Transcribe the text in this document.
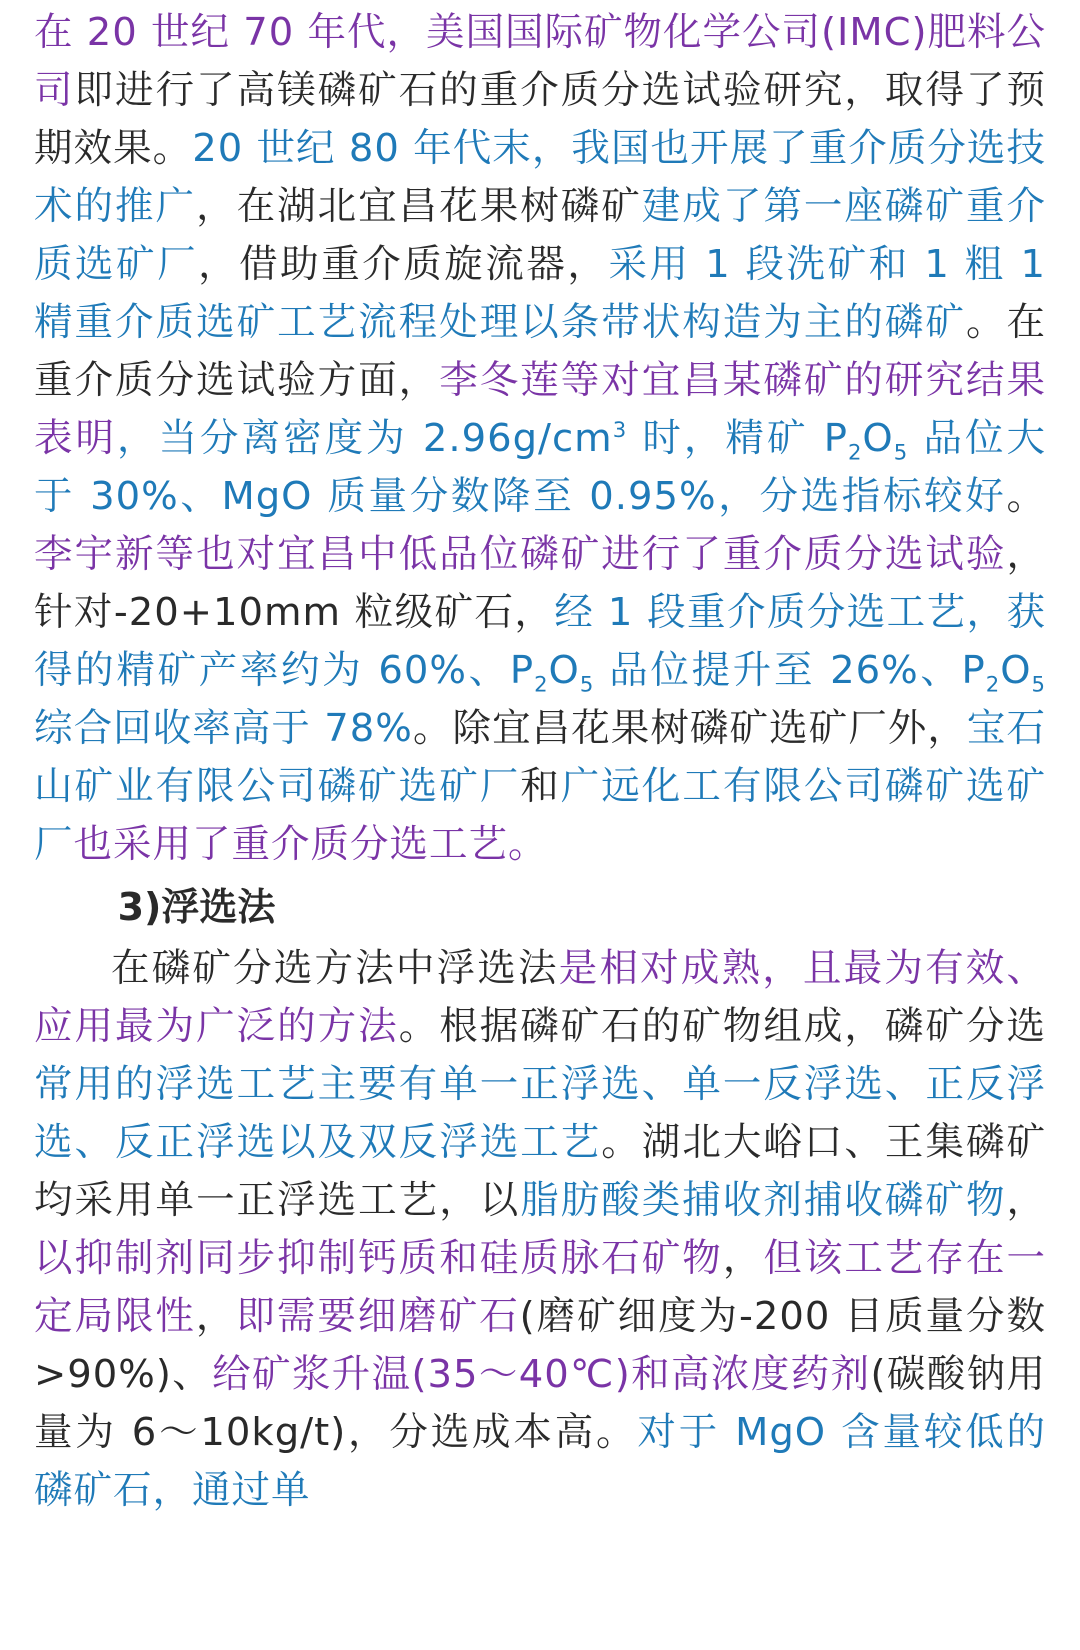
在 20 世纪 70 年代，美国国际矿物化学公司(IMC)肥料公司即进行了高镁磷矿石的重介质分选试验研究，取得了预期效果。20 世纪 80 年代末，我国也开展了重介质分选技术的推广，在湖北宜昌花果树磷矿建成了第一座磷矿重介质选矿厂，借助重介质旋流器，采用 1 段洗矿和 1 粗 1 精重介质选矿工艺流程处理以条带状构造为主的磷矿。在重介质分选试验方面，李冬莲等对宜昌某磷矿的研究结果表明，当分离密度为 $2.96g/cm^3$ 时，精矿 $P_2O_5$ 品位大于 30%、MgO 质量分数降至 0.95%，分选指标较好。李宇新等也对宜昌中低品位磷矿进行了重介质分选试验，针对-20+10mm 粒级矿石，经 1 段重介质分选工艺，获得的精矿产率约为 60%、$P_2O_5$ 品位提升至 26%、$P_2O_5$ 综合回收率高于 78%。除宜昌花果树磷矿选矿厂外，宝石山矿业有限公司磷矿选矿厂和广远化工有限公司磷矿选矿厂也采用了重介质分选工艺。

3)浮选法

在磷矿分选方法中浮选法是相对成熟，且最为有效、应用最为广泛的方法。根据磷矿石的矿物组成，磷矿分选常用的浮选工艺主要有单一正浮选、单一反浮选、正反浮选、反正浮选以及双反浮选工艺。湖北大峪口、王集磷矿均采用单一正浮选工艺，以脂肪酸类捕收剂捕收磷矿物，以抑制剂同步抑制钙质和硅质脉石矿物，但该工艺存在一定局限性，即需要细磨矿石(磨矿细度为-200 目质量分数>90%)、给矿浆升温(35～40℃)和高浓度药剂(碳酸钠用量为 6～10kg/t)，分选成本高。对于 MgO 含量较低的磷矿石，通过单
